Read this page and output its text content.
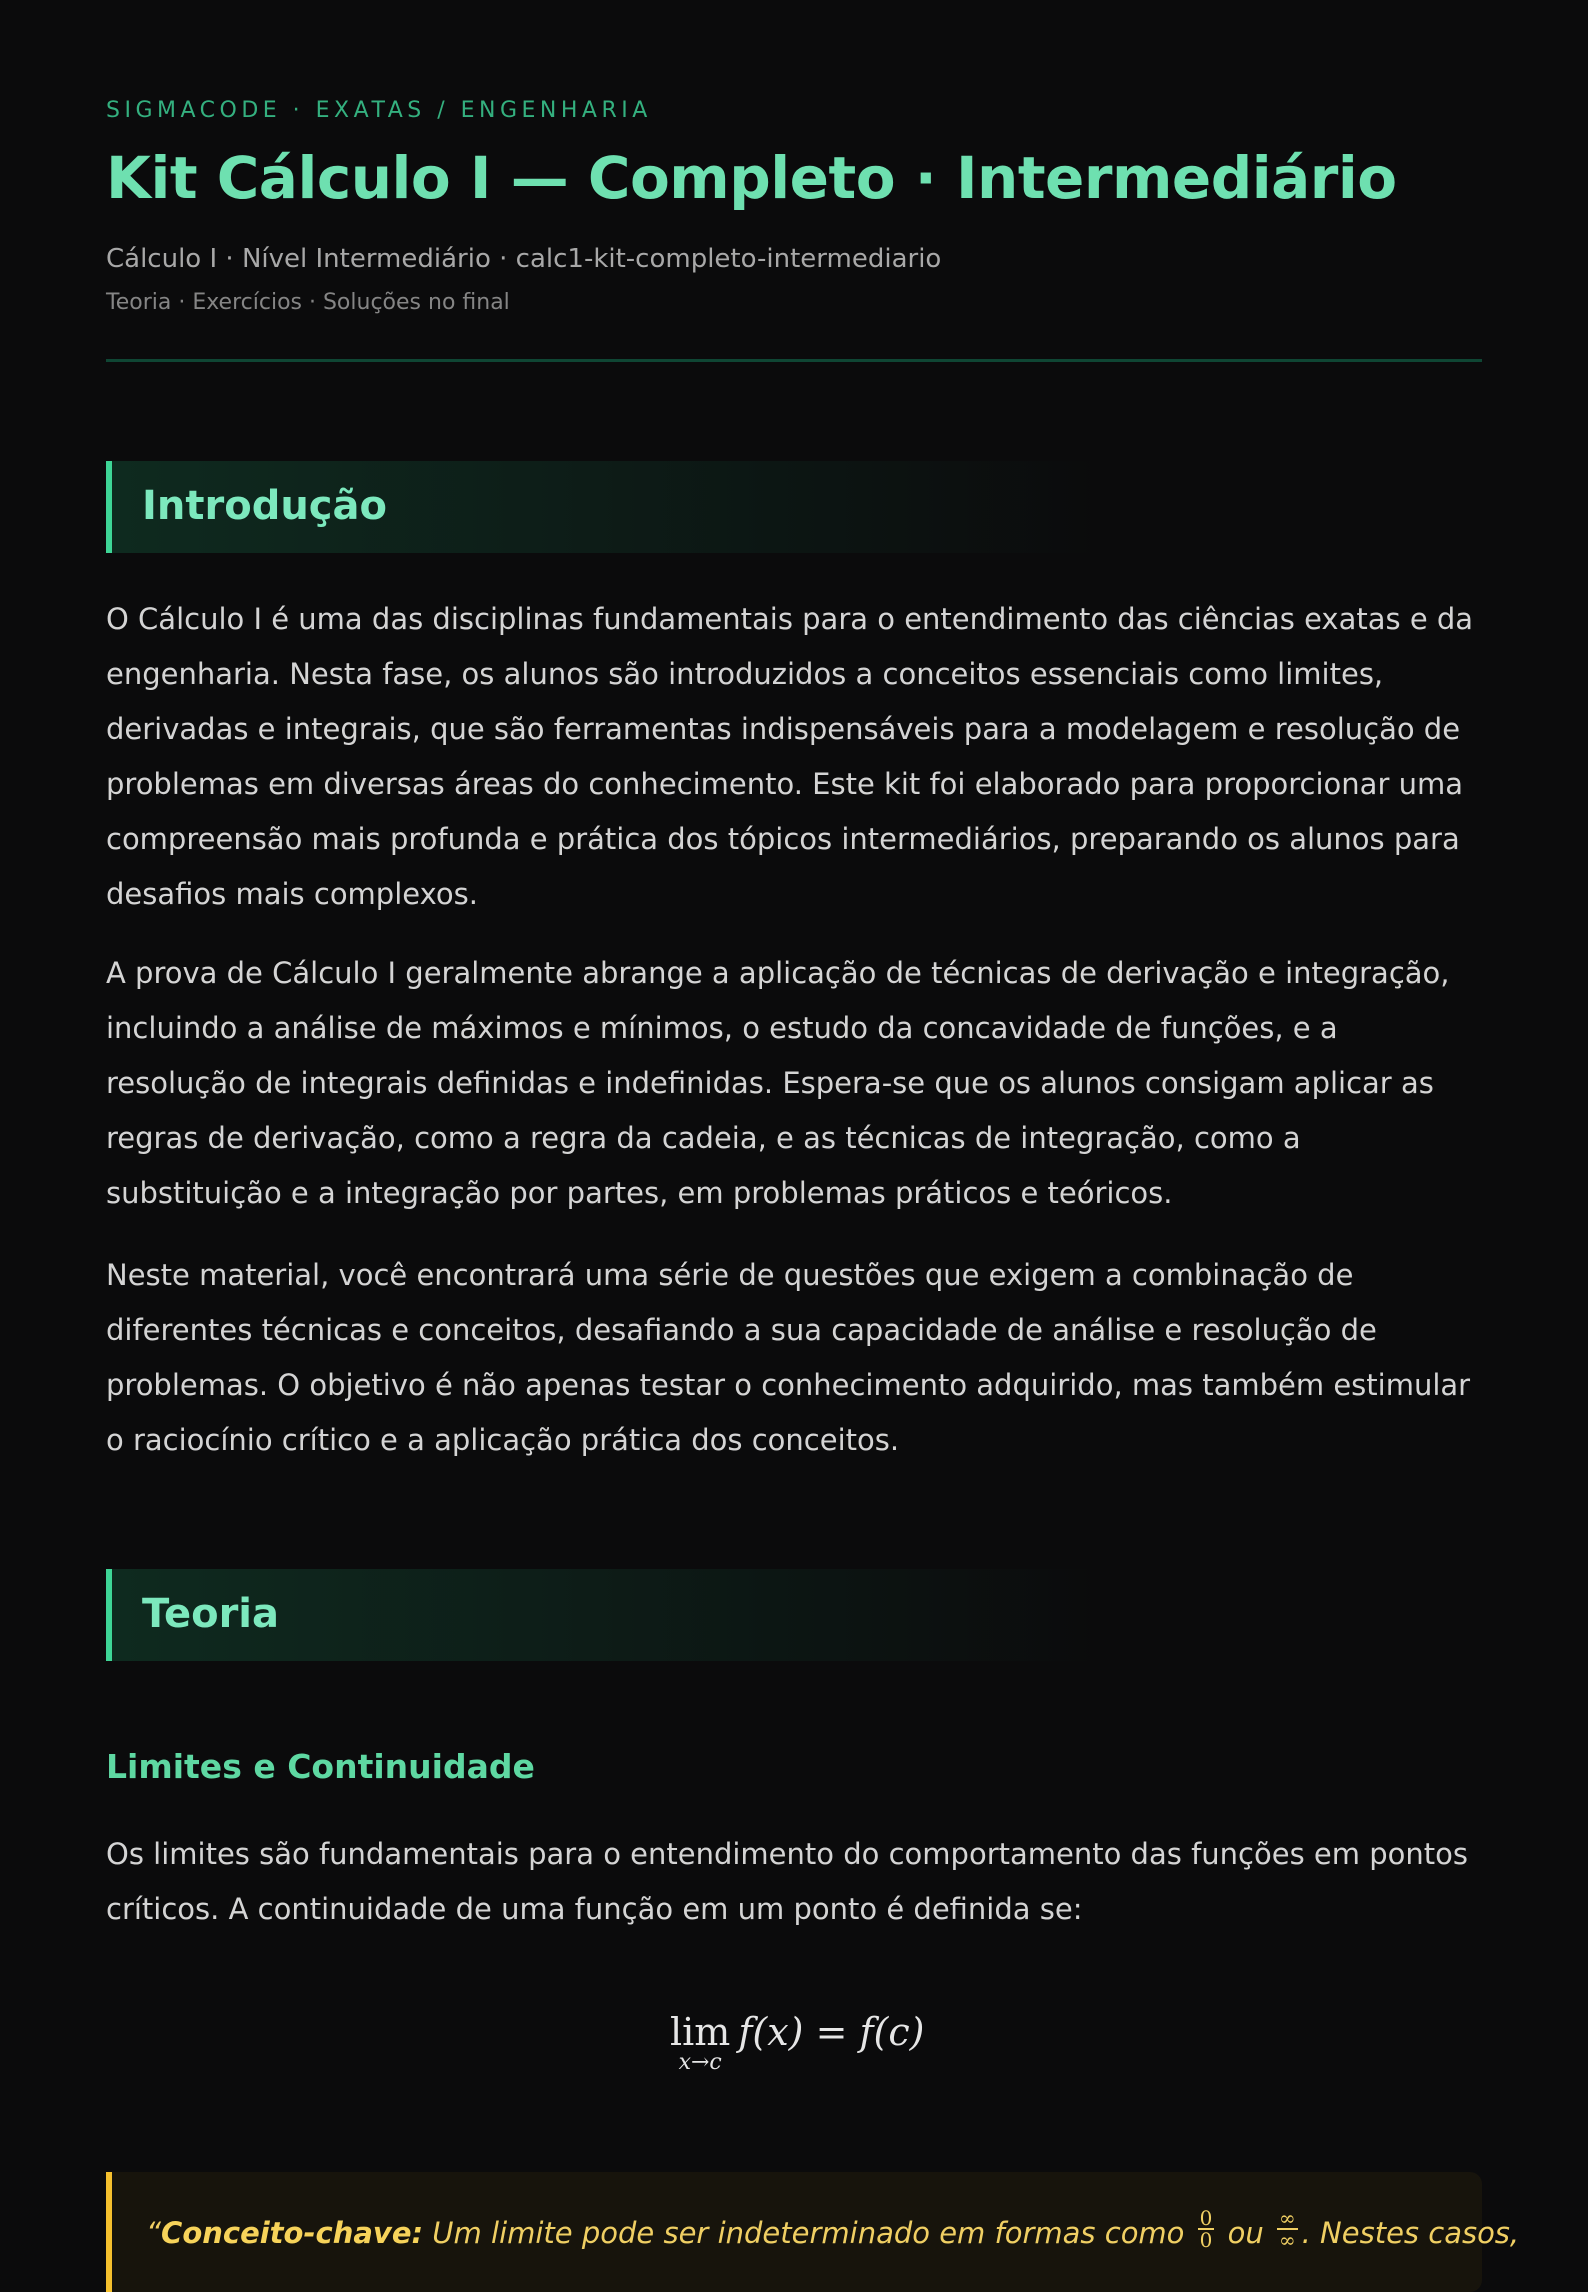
SIGMACODE · EXATAS / ENGENHARIA
Kit Cálculo I — Completo · Intermediário
Cálculo I · Nível Intermediário · calc1-kit-completo-intermediario
Teoria · Exercícios · Soluções no final
Introdução

O Cálculo I é uma das disciplinas fundamentais para o entendimento das ciências exatas e da engenharia. Nesta fase, os alunos são introduzidos a conceitos essenciais como limites, derivadas e integrais, que são ferramentas indispensáveis para a modelagem e resolução de problemas em diversas áreas do conhecimento. Este kit foi elaborado para proporcionar uma compreensão mais profunda e prática dos tópicos intermediários, preparando os alunos para desafios mais complexos.

A prova de Cálculo I geralmente abrange a aplicação de técnicas de derivação e integração, incluindo a análise de máximos e mínimos, o estudo da concavidade de funções, e a resolução de integrais definidas e indefinidas. Espera-se que os alunos consigam aplicar as regras de derivação, como a regra da cadeia, e as técnicas de integração, como a substituição e a integração por partes, em problemas práticos e teóricos.

Neste material, você encontrará uma série de questões que exigem a combinação de diferentes técnicas e conceitos, desafiando a sua capacidade de análise e resolução de problemas. O objetivo é não apenas testar o conhecimento adquirido, mas também estimular o raciocínio crítico e a aplicação prática dos conceitos.

Teoria
Limites e Continuidade

Os limites são fundamentais para o entendimento do comportamento das funções em pontos críticos. A continuidade de uma função em um ponto é definida se:

lim
x→c
f(x) = f(c)
“Conceito-chave: Um limite pode ser indeterminado em formas como $\frac{0}{0}$ ou $\frac{\infty}{\infty}$ . Nestes casos,
